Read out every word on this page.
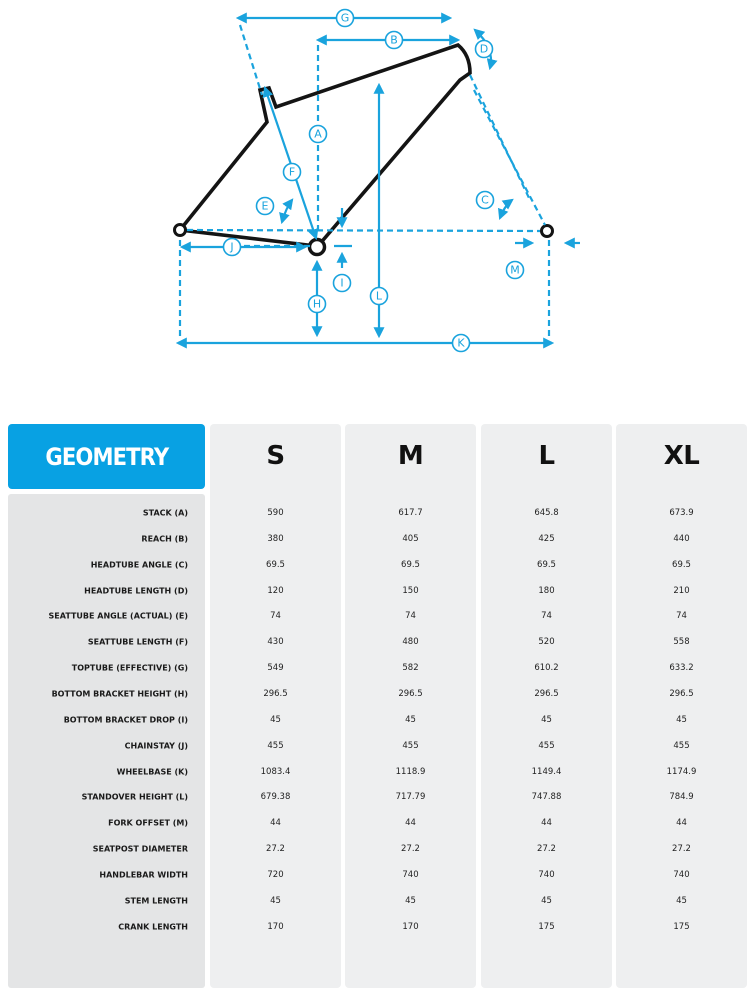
G
B
D
A
F
E	C
J
I
M
L
H
K
GEOMETRY
STACK (A)
REACH (B)
HEADTUBE ANGLE (C)
HEADTUBE LENGTH (D)
SEATTUBE ANGLE (ACTUAL) (E)
SEATTUBE LENGTH (F)
TOPTUBE (EFFECTIVE) (G)
BOTTOM BRACKET HEIGHT (H)
BOTTOM BRACKET DROP (I)
CHAINSTAY (J)
WHEELBASE (K)
STANDOVER HEIGHT (L)
FORK OFFSET (M)
SEATPOST DIAMETER
HANDLEBAR WIDTH
STEM LENGTH
CRANK LENGTH
S
590
380
69.5
120
74
430
549
296.5
45
455
1083.4
679.38
44
27.2
720
45
170
M
617.7
405
69.5
150
74
480
582
296.5
45
455
1118.9
717.79
44
27.2
740
45
170
L
645.8
425
69.5
180
74
520
610.2
296.5
45
455
1149.4
747.88
44
27.2
740
45
175
XL
673.9
440
69.5
210
74
558
633.2
296.5
45
455
1174.9
784.9
44
27.2
740
45
175
